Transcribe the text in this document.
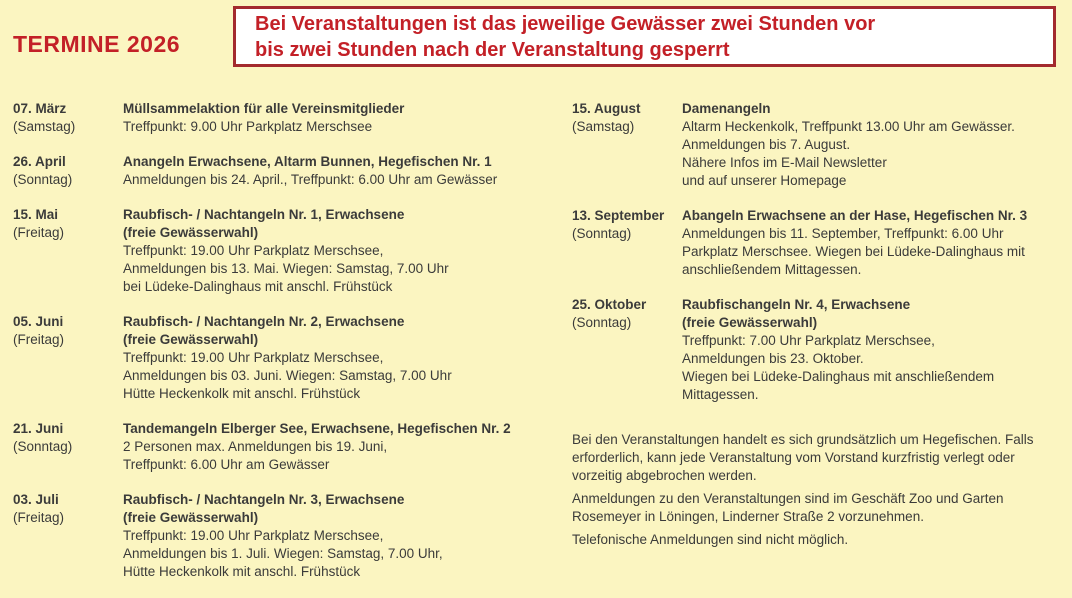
TERMINE 2026
Bei Veranstaltungen ist das jeweilige Gewässer zwei Stunden vor
bis zwei Stunden nach der Veranstaltung gesperrt
07. März
(Samstag)
Müllsammelaktion für alle Vereinsmitglieder
Treffpunkt: 9.00 Uhr Parkplatz Merschsee
26. April
(Sonntag)
Anangeln Erwachsene, Altarm Bunnen, Hegefischen Nr. 1
Anmeldungen bis 24. April., Treffpunkt: 6.00 Uhr am Gewässer
15. Mai
(Freitag)
Raubfisch- / Nachtangeln Nr. 1, Erwachsene
(freie Gewässerwahl)
Treffpunkt: 19.00 Uhr Parkplatz Merschsee,
Anmeldungen bis 13. Mai. Wiegen: Samstag, 7.00 Uhr
bei Lüdeke-Dalinghaus mit anschl. Frühstück
05. Juni
(Freitag)
Raubfisch- / Nachtangeln Nr. 2, Erwachsene
(freie Gewässerwahl)
Treffpunkt: 19.00 Uhr Parkplatz Merschsee,
Anmeldungen bis 03. Juni. Wiegen: Samstag, 7.00 Uhr
Hütte Heckenkolk mit anschl. Frühstück
21. Juni
(Sonntag)
Tandemangeln Elberger See, Erwachsene, Hegefischen Nr. 2
2 Personen max. Anmeldungen bis 19. Juni,
Treffpunkt: 6.00 Uhr am Gewässer
03. Juli
(Freitag)
Raubfisch- / Nachtangeln Nr. 3, Erwachsene
(freie Gewässerwahl)
Treffpunkt: 19.00 Uhr Parkplatz Merschsee,
Anmeldungen bis 1. Juli. Wiegen: Samstag, 7.00 Uhr,
Hütte Heckenkolk mit anschl. Frühstück
15. August
(Samstag)
Damenangeln
Altarm Heckenkolk, Treffpunkt 13.00 Uhr am Gewässer.
Anmeldungen bis 7. August.
Nähere Infos im E-Mail Newsletter
und auf unserer Homepage
13. September
(Sonntag)
Abangeln Erwachsene an der Hase, Hegefischen Nr. 3
Anmeldungen bis 11. September, Treffpunkt: 6.00 Uhr
Parkplatz Merschsee. Wiegen bei Lüdeke-Dalinghaus mit
anschließendem Mittagessen.
25. Oktober
(Sonntag)
Raubfischangeln Nr. 4, Erwachsene
(freie Gewässerwahl)
Treffpunkt: 7.00 Uhr Parkplatz Merschsee,
Anmeldungen bis 23. Oktober.
Wiegen bei Lüdeke-Dalinghaus mit anschließendem
Mittagessen.
Bei den Veranstaltungen handelt es sich grundsätzlich um Hegefischen. Falls
erforderlich, kann jede Veranstaltung vom Vorstand kurzfristig verlegt oder
vorzeitig abgebrochen werden.
Anmeldungen zu den Veranstaltungen sind im Geschäft Zoo und Garten
Rosemeyer in Löningen, Linderner Straße 2 vorzunehmen.
Telefonische Anmeldungen sind nicht möglich.
